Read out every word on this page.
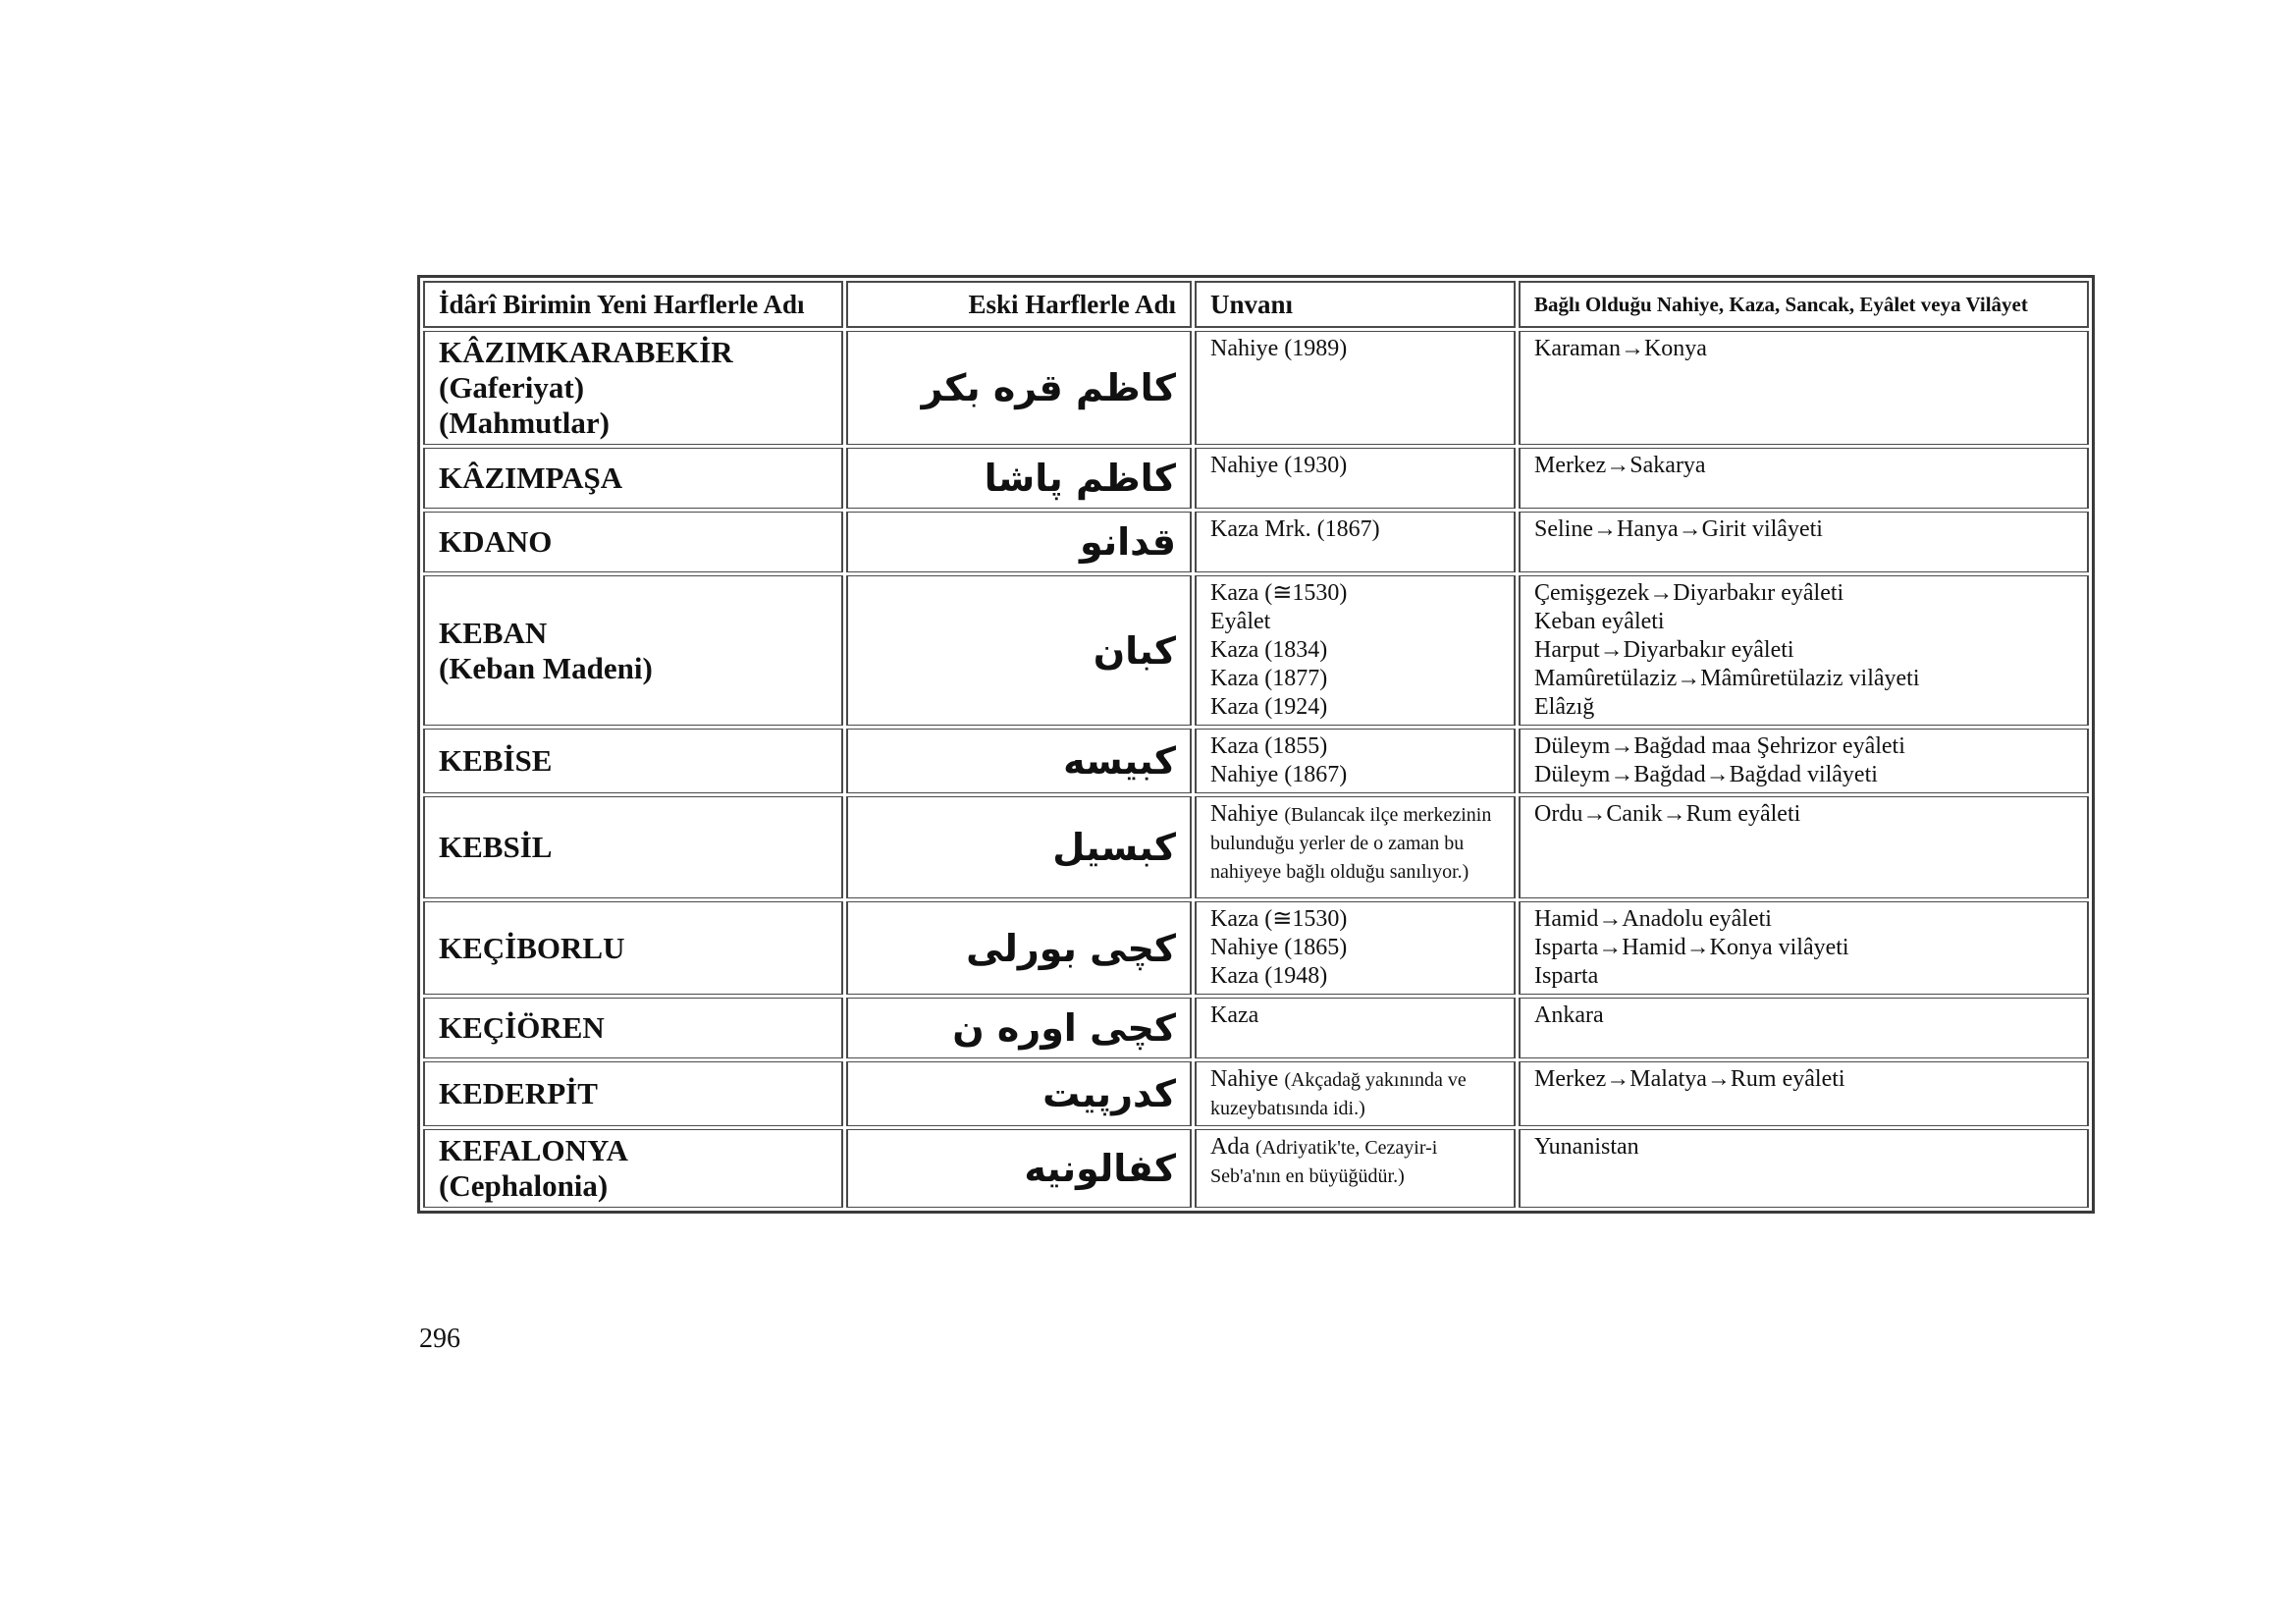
İdârî Birimin Yeni Harflerle Adı	Eski Harflerle Adı	Unvanı	Bağlı Olduğu Nahiye, Kaza, Sancak, Eyâlet veya Vilâyet

KÂZIMKARABEKİR
(Gaferiyat)
(Mahmutlar)	كاظم قره بكر	Nahiye (1989)	Karaman→Konya

KÂZIMPAŞA	كاظم پاشا	Nahiye (1930)	Merkez→Sakarya

KDANO	قدانو	Kaza Mrk. (1867)	Seline→Hanya→Girit vilâyeti

KEBAN
(Keban Madeni)	كبان	Kaza (≅1530)
Eyâlet
Kaza (1834)
Kaza (1877)
Kaza (1924)	Çemişgezek→Diyarbakır eyâleti
Keban eyâleti
Harput→Diyarbakır eyâleti
Mamûretülaziz→Mâmûretülaziz vilâyeti
Elâzığ

KEBİSE	كبيسه	Kaza (1855)
Nahiye (1867)	Düleym→Bağdad maa Şehrizor eyâleti
Düleym→Bağdad→Bağdad vilâyeti

KEBSİL	كبسيل	Nahiye (Bulancak ilçe merkezinin bulunduğu yerler de o zaman bu nahiyeye bağlı olduğu sanılıyor.)	Ordu→Canik→Rum eyâleti

KEÇİBORLU	كچى بورلى	Kaza (≅1530)
Nahiye (1865)
Kaza (1948)	Hamid→Anadolu eyâleti
Isparta→Hamid→Konya vilâyeti
Isparta

KEÇİÖREN	كچى اوره ن	Kaza	Ankara

KEDERPİT	كدرپيت	Nahiye (Akçadağ yakınında ve kuzeybatısında idi.)	Merkez→Malatya→Rum eyâleti

KEFALONYA
(Cephalonia)	كفالونيه	Ada (Adriyatik'te, Cezayir-i Seb'a'nın en büyüğüdür.)	Yunanistan
296
